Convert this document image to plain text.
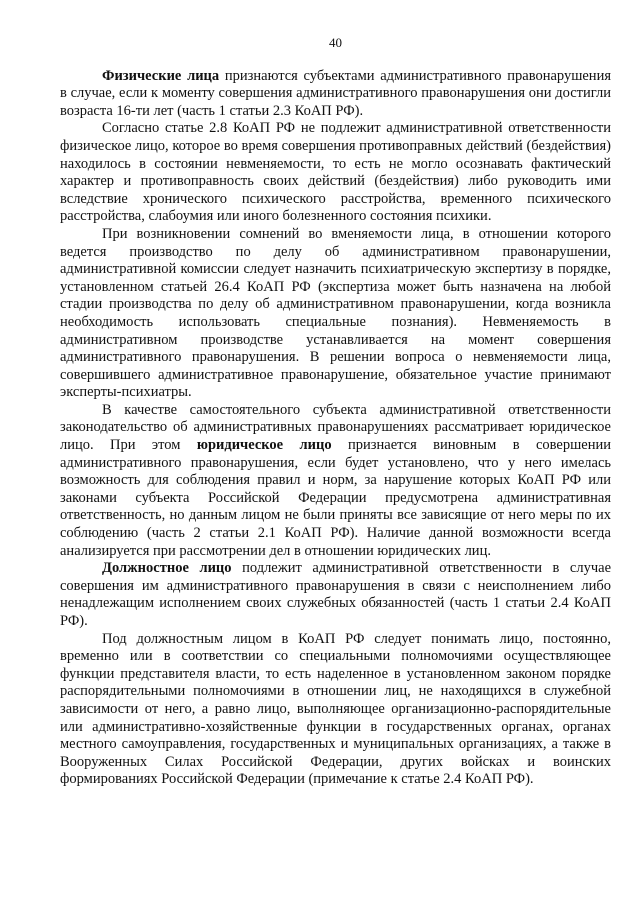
40

Физические лица признаются субъектами административного правонарушения в случае, если к моменту совершения административного правонарушения они достигли возраста 16-ти лет (часть 1 статьи 2.3 КоАП РФ).

Согласно статье 2.8 КоАП РФ не подлежит административной ответственности физическое лицо, которое во время совершения противоправных действий (бездействия) находилось в состоянии невменяемости, то есть не могло осознавать фактический характер и противоправность своих действий (бездействия) либо руководить ими вследствие хронического психического расстройства, временного психического расстройства, слабоумия или иного болезненного состояния психики.

При возникновении сомнений во вменяемости лица, в отношении которого ведется производство по делу об административном правонарушении, административной комиссии следует назначить психиатрическую экспертизу в порядке, установленном статьей 26.4 КоАП РФ (экспертиза может быть назначена на любой стадии производства по делу об административном правонарушении, когда возникла необходимость использовать специальные познания). Невменяемость в административном производстве устанавливается на момент совершения административного правонарушения. В решении вопроса о невменяемости лица, совершившего административное правонарушение, обязательное участие принимают эксперты-психиатры.

В качестве самостоятельного субъекта административной ответственности законодательство об административных правонарушениях рассматривает юридическое лицо. При этом юридическое лицо признается виновным в совершении административного правонарушения, если будет установлено, что у него имелась возможность для соблюдения правил и норм, за нарушение которых КоАП РФ или законами субъекта Российской Федерации предусмотрена административная ответственность, но данным лицом не были приняты все зависящие от него меры по их соблюдению (часть 2 статьи 2.1 КоАП РФ). Наличие данной возможности всегда анализируется при рассмотрении дел в отношении юридических лиц.

Должностное лицо подлежит административной ответственности в случае совершения им административного правонарушения в связи с неисполнением либо ненадлежащим исполнением своих служебных обязанностей (часть 1 статьи 2.4 КоАП РФ).

Под должностным лицом в КоАП РФ следует понимать лицо, постоянно, временно или в соответствии со специальными полномочиями осуществляющее функции представителя власти, то есть наделенное в установленном законом порядке распорядительными полномочиями в отношении лиц, не находящихся в служебной зависимости от него, а равно лицо, выполняющее организационно-распорядительные или административно-хозяйственные функции в государственных органах, органах местного самоуправления, государственных и муниципальных организациях, а также в Вооруженных Силах Российской Федерации, других войсках и воинских формированиях Российской Федерации (примечание к статье 2.4 КоАП РФ).
